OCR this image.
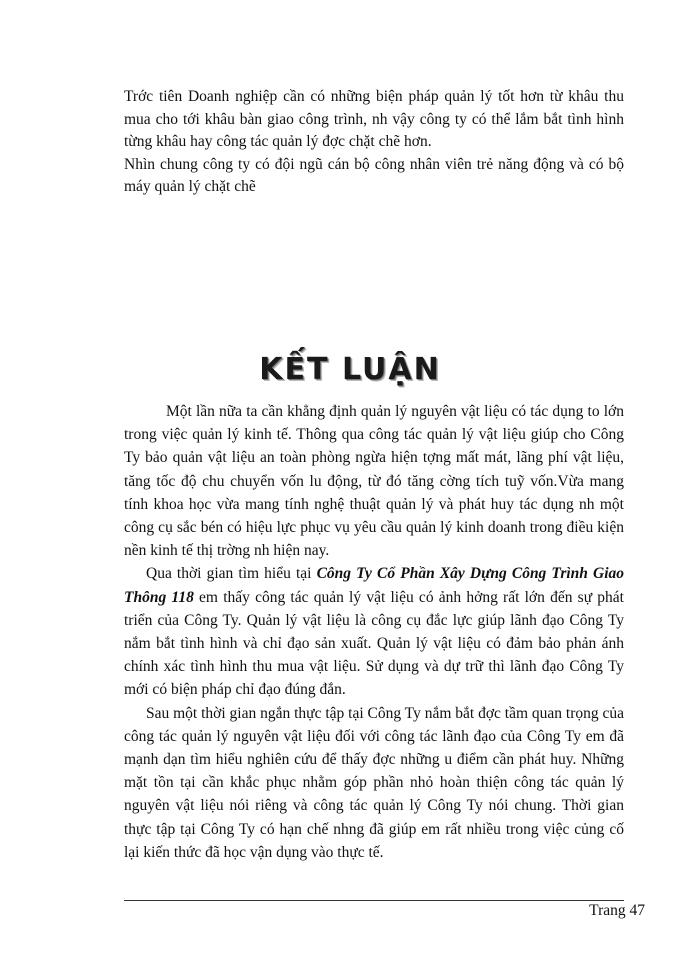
Trớc tiên Doanh nghiệp cần có những biện pháp quản lý tốt hơn từ khâu thu mua cho tới khâu bàn giao công trình, nh vậy công ty có thể lắm bắt tình hình từng khâu hay công tác quản lý đợc chặt chẽ hơn.

Nhìn chung công ty có đội ngũ cán bộ công nhân viên trẻ năng động và có bộ máy quản lý chặt chẽ

KẾT LUẬN

Một lần nữa ta cần khẳng định quản lý nguyên vật liệu có tác dụng to lớn trong việc quản lý kinh tế. Thông qua công tác quản lý vật liệu giúp cho Công Ty bảo quản vật liệu an toàn phòng ngừa hiện tợng mất mát, lãng phí vật liệu, tăng tốc độ chu chuyển vốn lu động, từ đó tăng cờng tích tuỹ vốn.Vừa mang tính khoa học vừa mang tính nghệ thuật quản lý và phát huy tác dụng nh một công cụ sắc bén có hiệu lực phục vụ yêu cầu quản lý kinh doanh trong điều kiện nền kinh tế thị trờng nh hiện nay.

Qua thời gian tìm hiểu tại Công Ty Cổ Phần Xây Dựng Công Trình Giao Thông 118 em thấy công tác quản lý vật liệu có ảnh hởng rất lớn đến sự phát triển của Công Ty. Quản lý vật liệu là công cụ đắc lực giúp lãnh đạo Công Ty nắm bắt tình hình và chỉ đạo sản xuất. Quản lý vật liệu có đảm bảo phản ánh chính xác tình hình thu mua vật liệu. Sử dụng và dự trữ thì lãnh đạo Công Ty mới có biện pháp chỉ đạo đúng đắn.

Sau một thời gian ngắn thực tập tại Công Ty nắm bắt đợc tầm quan trọng của công tác quản lý nguyên vật liệu đối với công tác lãnh đạo của Công Ty em đã mạnh dạn tìm hiểu nghiên cứu để thấy đợc những u điểm cần phát huy. Những mặt tồn tại cần khắc phục nhằm góp phần nhỏ hoàn thiện công tác quản lý nguyên vật liệu nói riêng và công tác quản lý Công Ty nói chung. Thời gian thực tập tại Công Ty có hạn chế nhng đã giúp em rất nhiều trong việc củng cố lại kiến thức đã học vận dụng vào thực tế.

Trang 47
